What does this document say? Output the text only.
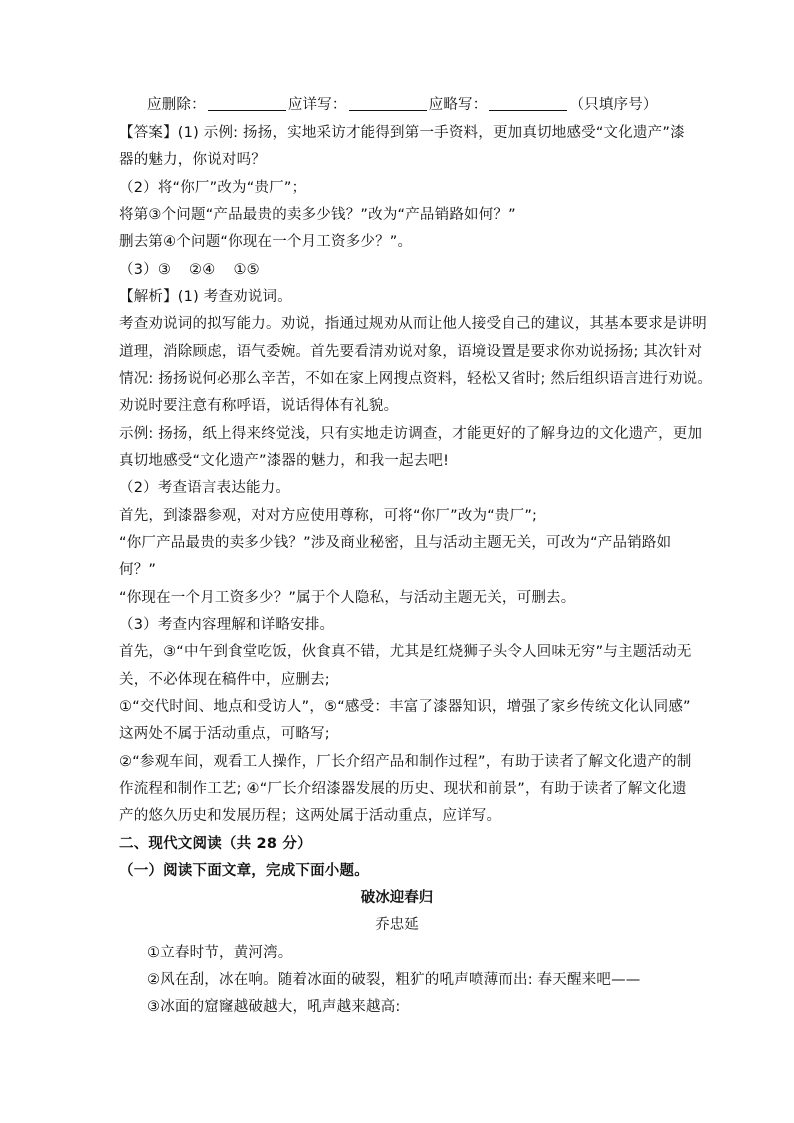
应删除：	应详写：	应略写：	（只填序号）
【答案】(1) 示例: 扬扬，实地采访才能得到第一手资料，更加真切地感受“文化遗产”漆
器的魅力，你说对吗？
（2）将“你厂”改为“贵厂”；
将第③个问题“产品最贵的卖多少钱？”改为“产品销路如何？”
删去第④个问题“你现在一个月工资多少？”。
（3）③ ②④ ①⑤
【解析】(1) 考查劝说词。
考查劝说词的拟写能力。劝说，指通过规劝从而让他人接受自己的建议，其基本要求是讲明
道理，消除顾虑，语气委婉。首先要看清劝说对象，语境设置是要求你劝说扬扬; 其次针对
情况: 扬扬说何必那么辛苦，不如在家上网搜点资料，轻松又省时; 然后组织语言进行劝说。
劝说时要注意有称呼语，说话得体有礼貌。
示例: 扬扬，纸上得来终觉浅，只有实地走访调查，才能更好的了解身边的文化遗产，更加
真切地感受“文化遗产”漆器的魅力，和我一起去吧!
（2）考查语言表达能力。
首先，到漆器参观，对对方应使用尊称，可将“你厂”改为“贵厂”;
“你厂产品最贵的卖多少钱？”涉及商业秘密，且与活动主题无关，可改为“产品销路如
何？”
“你现在一个月工资多少？”属于个人隐私，与活动主题无关，可删去。
（3）考查内容理解和详略安排。
首先，③“中午到食堂吃饭，伙食真不错，尤其是红烧狮子头令人回味无穷”与主题活动无
关，不必体现在稿件中，应删去;
①“交代时间、地点和受访人”，⑤“感受：丰富了漆器知识，增强了家乡传统文化认同感”
这两处不属于活动重点，可略写;
②“参观车间，观看工人操作，厂长介绍产品和制作过程”，有助于读者了解文化遗产的制
作流程和制作工艺; ④“厂长介绍漆器发展的历史、现状和前景”，有助于读者了解文化遗
产的悠久历史和发展历程；这两处属于活动重点，应详写。
二、现代文阅读（共 28 分）
（一）阅读下面文章，完成下面小题。
破冰迎春归
乔忠延
①立春时节，黄河湾。
②风在刮，冰在响。随着冰面的破裂，粗犷的吼声喷薄而出: 春天醒来吧——
③冰面的窟窿越破越大，吼声越来越高:
